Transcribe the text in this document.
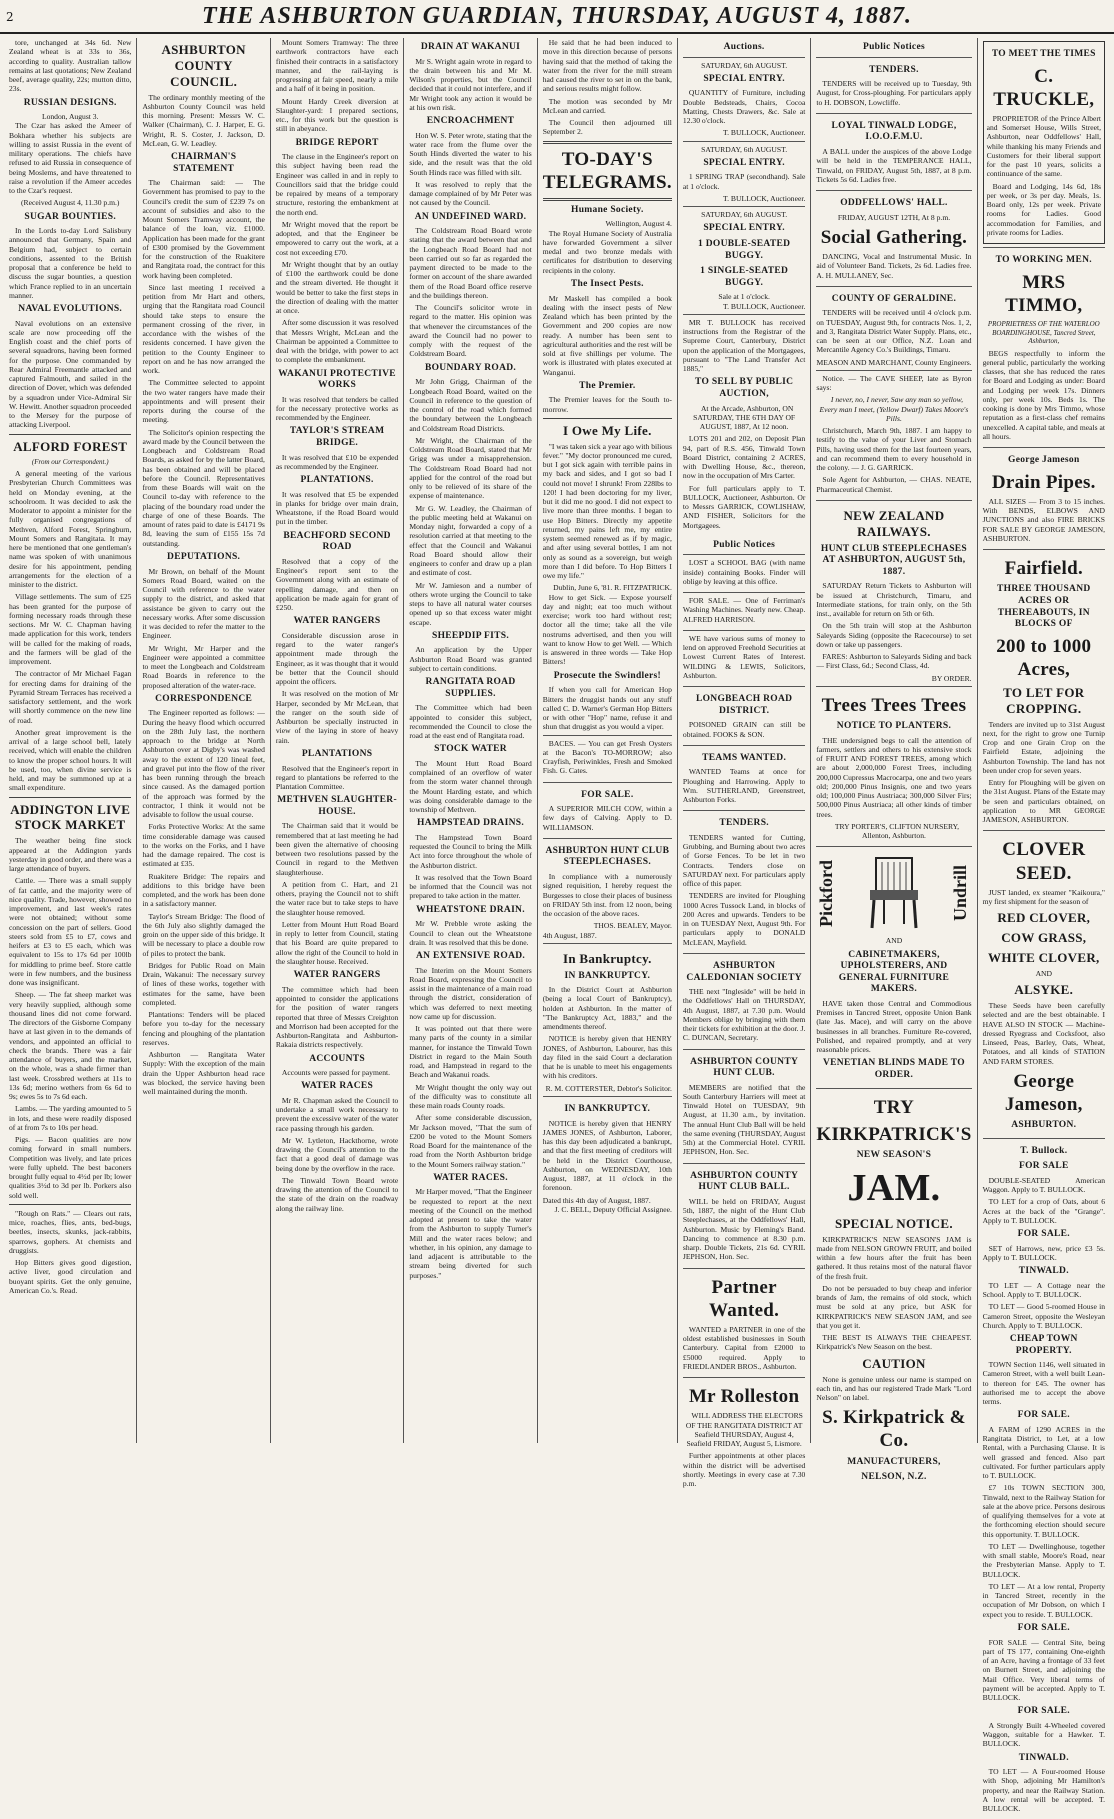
2	THE ASHBURTON GUARDIAN, THURSDAY, AUGUST 4, 1887.

tore, unchanged at 34s 6d. New Zealand wheat is at 33s to 36s, according to quality. Australian tallow remains at last quotations; New Zealand beef, average quality, 22s; mutton ditto, 23s.

RUSSIAN DESIGNS.
London, August 3.

The Czar has asked the Ameer of Bokhara whether his subjects are willing to assist Russia in the event of military operations. The chiefs have refused to aid Russia in consequence of being Moslems, and have threatened to raise a revolution if the Ameer accedes to the Czar's request.

(Received August 4, 11.30 p.m.)
SUGAR BOUNTIES.

In the Lords to-day Lord Salisbury announced that Germany, Spain and Belgium had, subject to certain conditions, assented to the British proposal that a conference be held to discuss the sugar bounties, a question which France replied to in an uncertain manner.

NAVAL EVOLUTIONS.

Naval evolutions on an extensive scale are now proceeding off the English coast and the chief ports of several squadrons, having been formed for the purpose. One commanded by Rear Admiral Freemantle attacked and captured Falmouth, and sailed in the direction of Dover, which was defended by a squadron under Vice-Admiral Sir W. Hewitt. Another squadron proceeded to the Mersey for the purpose of attacking Liverpool.

ALFORD FOREST
(From our Correspondent.)

A general meeting of the various Presbyterian Church Committees was held on Monday evening, at the schoolroom. It was decided to ask the Moderator to appoint a minister for the fully organised congregations of Methven, Alford Forest, Springburn, Mount Somers and Rangitata. It may here be mentioned that one gentleman's name was spoken of with unanimous desire for his appointment, pending arrangements for the election of a minister to the district.

Village settlements. The sum of £25 has been granted for the purpose of forming necessary roads through these sections. Mr W. C. Chapman having made application for this work, tenders will be called for the making of roads, and the farmers will be glad of the improvement.

The contractor of Mr Michael Fagan for erecting dams for draining of the Pyramid Stream Terraces has received a satisfactory settlement, and the work will shortly commence on the new line of road.

Another great improvement is the arrival of a large school bell, lately received, which will enable the children to know the proper school hours. It will be used, too, when divine service is held, and may be summoned up at a small expenditure.

ADDINGTON LIVE STOCK MARKET

The weather being fine stock appeared at the Addington yards yesterday in good order, and there was a large attendance of buyers.

Cattle. — There was a small supply of fat cattle, and the majority were of nice quality. Trade, however, showed no improvement, and last week's rates were not obtained; without some concession on the part of sellers. Good steers sold from £5 to £7, cows and heifers at £3 to £5 each, which was equivalent to 15s to 17s 6d per 100lb for middling to prime beef. Store cattle were in few numbers, and the business done was insignificant.

Sheep. — The fat sheep market was very heavily supplied, although some thousand lines did not come forward. The directors of the Gisborne Company have at last given in to the demands of vendors, and appointed an official to check the brands. There was a fair attendance of buyers, and the market, on the whole, was a shade firmer than last week. Crossbred wethers at 11s to 13s 6d; merino wethers from 6s 6d to 9s; ewes 5s to 7s 6d each.

Lambs. — The yarding amounted to 5 in lots, and these were readily disposed of at from 7s to 10s per head.

Pigs. — Bacon qualities are now coming forward in small numbers. Competition was lively, and late prices were fully upheld. The best baconers brought fully equal to 4½d per lb; lower qualities 3½d to 3d per lb. Porkers also sold well.

"Rough on Rats." — Clears out rats, mice, roaches, flies, ants, bed-bugs, beetles, insects, skunks, jack-rabbits, sparrows, gophers. At chemists and druggists.

Hop Bitters gives good digestion, active liver, good circulation and buoyant spirits. Get the only genuine, American Co.'s. Read.

ASHBURTON COUNTY COUNCIL.

The ordinary monthly meeting of the Ashburton County Council was held this morning. Present: Messrs W. C. Walker (Chairman), C. J. Harper, E. G. Wright, R. S. Coster, J. Jackson, D. McLean, G. W. Leadley.

CHAIRMAN'S STATEMENT

The Chairman said: — The Government has promised to pay to the Council's credit the sum of £239 7s on account of subsidies and also to the Mount Somers Tramway account, the balance of the loan, viz. £1000. Application has been made for the grant of £300 promised by the Government for the construction of the Ruakitere and Rangitata road, the contract for this work having been completed.

Since last meeting I received a petition from Mr Hart and others, urging that the Rangitata road Council should take steps to ensure the permanent crossing of the river, in accordance with the wishes of the residents concerned. I have given the petition to the County Engineer to report on and he has now arranged the work.

The Committee selected to appoint the two water rangers have made their appointments and will present their reports during the course of the meeting.

The Solicitor's opinion respecting the award made by the Council between the Longbeach and Coldstream Road Boards, as asked for by the latter Board, has been obtained and will be placed before the Council. Representatives from these Boards will wait on the Council to-day with reference to the placing of the boundary road under the charge of one of these Boards. The amount of rates paid to date is £4171 9s 8d, leaving the sum of £155 15s 7d outstanding.

DEPUTATIONS.

Mr Brown, on behalf of the Mount Somers Road Board, waited on the Council with reference to the water supply to the district, and asked that assistance be given to carry out the necessary works. After some discussion it was decided to refer the matter to the Engineer.

Mr Wright, Mr Harper and the Engineer were appointed a committee to meet the Longbeach and Coldstream Road Boards in reference to the proposed alteration of the water-race.

CORRESPONDENCE

The Engineer reported as follows: — During the heavy flood which occurred on the 28th July last, the northern approach to the bridge at North Ashburton over at Digby's was washed away to the extent of 120 lineal feet, and gravel put into the flow of the river has been running through the breach since caused. As the damaged portion of the approach was formed by the contractor, I think it would not be advisable to follow the usual course.

Forks Protective Works: At the same time considerable damage was caused to the works on the Forks, and I have had the damage repaired. The cost is estimated at £35.

Ruakitere Bridge: The repairs and additions to this bridge have been completed, and the work has been done in a satisfactory manner.

Taylor's Stream Bridge: The flood of the 6th July also slightly damaged the groin on the upper side of this bridge. It will be necessary to place a double row of piles to protect the bank.

Bridges for Public Road on Main Drain, Wakanui: The necessary survey of lines of these works, together with estimates for the same, have been completed.

Plantations: Tenders will be placed before you to-day for the necessary fencing and ploughing of the plantation reserves.

Ashburton — Rangitata Water Supply: With the exception of the main drain the Upper Ashburton head race was blocked, the service having been well maintained during the month.

Mount Somers Tramway: The three earthwork contractors have each finished their contracts in a satisfactory manner, and the rail-laying is progressing at fair speed, nearly a mile and a half of it being in position.

Mount Hardy Creek diversion at Slaughter-yard: I prepared sections, etc., for this work but the question is still in abeyance.

BRIDGE REPORT

The clause in the Engineer's report on this subject having been read the Engineer was called in and in reply to Councillors said that the bridge could be repaired by means of a temporary structure, restoring the embankment at the north end.

Mr Wright moved that the report be adopted, and that the Engineer be empowered to carry out the work, at a cost not exceeding £70.

Mr Wright thought that by an outlay of £100 the earthwork could be done and the stream diverted. He thought it would be better to take the first steps in the direction of dealing with the matter at once.

After some discussion it was resolved that Messrs Wright, McLean and the Chairman be appointed a Committee to deal with the bridge, with power to act to complete the embankment.

WAKANUI PROTECTIVE WORKS

It was resolved that tenders be called for the necessary protective works as recommended by the Engineer.

TAYLOR'S STREAM BRIDGE.

It was resolved that £10 be expended as recommended by the Engineer.

PLANTATIONS.

It was resolved that £5 be expended in planks for bridge over main drain, Wheatstone, if the Road Board would put in the timber.

BEACHFORD SECOND ROAD

Resolved that a copy of the Engineer's report sent to the Government along with an estimate of repelling damage, and then on application be made again for grant of £250.

WATER RANGERS

Considerable discussion arose in regard to the water ranger's appointment made through the Engineer, as it was thought that it would be better that the Council should appoint the officers.

It was resolved on the motion of Mr Harper, seconded by Mr McLean, that the ranger on the south side of Ashburton be specially instructed in view of the laying in store of heavy rain.

PLANTATIONS

Resolved that the Engineer's report in regard to plantations be referred to the Plantation Committee.

METHVEN SLAUGHTER-HOUSE.

The Chairman said that it would be remembered that at last meeting he had been given the alternative of choosing between two resolutions passed by the Council in regard to the Methven slaughterhouse.

A petition from C. Hart, and 21 others, praying the Council not to shift the water race but to take steps to have the slaughter house removed.

Letter from Mount Hutt Road Board in reply to letter from Council, stating that his Board are quite prepared to allow the right of the Council to hold in the slaughter house. Received.

WATER RANGERS

The committee which had been appointed to consider the applications for the position of water rangers reported that three of Messrs Creighton and Morrison had been accepted for the Ashburton-Rangitata and Ashburton-Rakaia districts respectively.

ACCOUNTS

Accounts were passed for payment.

WATER RACES

Mr R. Chapman asked the Council to undertake a small work necessary to prevent the excessive water of the water race passing through his garden.

Mr W. Lytleton, Hackthorne, wrote drawing the Council's attention to the fact that a good deal of damage was being done by the overflow in the race.

The Tinwald Town Board wrote drawing the attention of the Council to the state of the drain on the roadway along the railway line.

DRAIN AT WAKANUI

Mr S. Wright again wrote in regard to the drain between his and Mr M. Wilson's properties, but the Council decided that it could not interfere, and if Mr Wright took any action it would be at his own risk.

ENCROACHMENT

Hon W. S. Peter wrote, stating that the water race from the flume over the South Hinds diverted the water to his side, and the result was that the old South Hinds race was filled with silt.

It was resolved to reply that the damage complained of by Mr Peter was not caused by the Council.

AN UNDEFINED WARD.

The Coldstream Road Board wrote stating that the award between that and the Longbeach Road Board had not been carried out so far as regarded the payment directed to be made to the former on account of the share awarded them of the Road Board office reserve and the buildings thereon.

The Council's solicitor wrote in regard to the matter. His opinion was that whenever the circumstances of the award the Council had no power to comply with the request of the Coldstream Board.

BOUNDARY ROAD.

Mr John Grigg, Chairman of the Longbeach Road Board, waited on the Council in reference to the question of the control of the road which formed the boundary between the Longbeach and Coldstream Road Districts.

Mr Wright, the Chairman of the Coldstream Road Board, stated that Mr Grigg was under a misapprehension. The Coldstream Road Board had not applied for the control of the road but only to be relieved of its share of the expense of maintenance.

Mr G. W. Leadley, the Chairman of the public meeting held at Wakanui on Monday night, forwarded a copy of a resolution carried at that meeting to the effect that the Council and Wakanui Road Board should allow their engineers to confer and draw up a plan and estimate of cost.

Mr W. Jamieson and a number of others wrote urging the Council to take steps to have all natural water courses opened up so that excess water might escape.

SHEEPDIP FITS.

An application by the Upper Ashburton Road Board was granted subject to certain conditions.

RANGITATA ROAD SUPPLIES.

The Committee which had been appointed to consider this subject, recommended the Council to close the road at the east end of Rangitata road.

STOCK WATER

The Mount Hutt Road Board complained of an overflow of water from the storm water channel through the Mount Harding estate, and which was doing considerable damage to the township of Methven.

HAMPSTEAD DRAINS.

The Hampstead Town Board requested the Council to bring the Milk Act into force throughout the whole of the Ashburton district.

It was resolved that the Town Board be informed that the Council was not prepared to take action in the matter.

WHEATSTONE DRAIN.

Mr W. Prebble wrote asking the Council to clean out the Wheatstone drain. It was resolved that this be done.

AN EXTENSIVE ROAD.

The Interim on the Mount Somers Road Board, expressing the Council to assist in the maintenance of a main road through the district, consideration of which was deferred to next meeting now came up for discussion.

It was pointed out that there were many parts of the county in a similar manner, for instance the Tinwald Town District in regard to the Main South road, and Hampstead in regard to the Beach and Wakanui roads.

Mr Wright thought the only way out of the difficulty was to constitute all these main roads County roads.

After some considerable discussion, Mr Jackson moved, "That the sum of £200 be voted to the Mount Somers Road Board for the maintenance of the road from the North Ashburton bridge to the Mount Somers railway station."

WATER RACES.

Mr Harper moved, "That the Engineer be requested to report at the next meeting of the Council on the method adopted at present to take the water from the Ashburton to supply Turner's Mill and the water races below; and whether, in his opinion, any damage to land adjacent is attributable to the stream being diverted for such purposes."

He said that he had been induced to move in this direction because of persons having said that the method of taking the water from the river for the mill stream had caused the river to set in on the bank, and serious results might follow.

The motion was seconded by Mr McLean and carried.

The Council then adjourned till September 2.

TO-DAY'S TELEGRAMS.
Humane Society.
Wellington, August 4.

The Royal Humane Society of Australia have forwarded Government a silver medal and two bronze medals with certificates for distribution to deserving recipients in the colony.

The Insect Pests.

Mr Maskell has compiled a book dealing with the insect pests of New Zealand which has been printed by the Government and 200 copies are now ready. A number has been sent to agricultural authorities and the rest will be sold at five shillings per volume. The work is illustrated with plates executed at Wanganui.

The Premier.

The Premier leaves for the South to-morrow.

I Owe My Life.

"I was taken sick a year ago with bilious fever." "My doctor pronounced me cured, but I got sick again with terrible pains in my back and sides, and I got so bad I could not move! I shrunk! From 228lbs to 120! I had been doctoring for my liver, but it did me no good. I did not expect to live more than three months. I began to use Hop Bitters. Directly my appetite returned, my pains left me, my entire system seemed renewed as if by magic, and after using several bottles, I am not only as sound as a sovereign, but weigh more than I did before. To Hop Bitters I owe my life."

Dublin, June 6, '81. R. FITZPATRICK.

How to get Sick. — Expose yourself day and night; eat too much without exercise; work too hard without rest; doctor all the time; take all the vile nostrums advertised, and then you will want to know How to get Well. — Which is answered in three words — Take Hop Bitters!

Prosecute the Swindlers!

If when you call for American Hop Bitters the druggist hands out any stuff called C. D. Warner's German Hop Bitters or with other "Hop" name, refuse it and shun that druggist as you would a viper.

BACES. — You can get Fresh Oysters at the Bacon's TO-MORROW; also Crayfish, Periwinkles, Fresh and Smoked Fish. G. Cates.

FOR SALE.

A SUPERIOR MILCH COW, within a few days of Calving. Apply to D. WILLIAMSON.

ASHBURTON HUNT CLUB STEEPLECHASES.

In compliance with a numerously signed requisition, I hereby request the Burgesses to close their places of business on FRIDAY 5th inst. from 12 noon, being the occasion of the above races.

THOS. BEALEY, Mayor.
4th August, 1887.
In Bankruptcy.
IN BANKRUPTCY.

In the District Court at Ashburton (being a local Court of Bankruptcy), holden at Ashburton. In the matter of "The Bankruptcy Act, 1883," and the amendments thereof.

NOTICE is hereby given that HENRY JONES, of Ashburton, Labourer, has this day filed in the said Court a declaration that he is unable to meet his engagements with his creditors.

R. M. COTTERSTER, Debtor's Solicitor.
IN BANKRUPTCY.

NOTICE is hereby given that HENRY JAMES JONES, of Ashburton, Laborer, has this day been adjudicated a bankrupt, and that the first meeting of creditors will be held in the District Courthouse, Ashburton, on WEDNESDAY, 10th August, 1887, at 11 o'clock in the forenoon.

Dated this 4th day of August, 1887.
J. C. BELL, Deputy Official Assignee.
Auctions.
SATURDAY, 6th AUGUST.
SPECIAL ENTRY.

QUANTITY of Furniture, including Double Bedsteads, Chairs, Cocoa Matting, Chests Drawers, &c. Sale at 12.30 o'clock.

T. BULLOCK, Auctioneer.
SATURDAY, 6th AUGUST.
SPECIAL ENTRY.

1 SPRING TRAP (secondhand). Sale at 1 o'clock.

T. BULLOCK, Auctioneer.
SATURDAY, 6th AUGUST.
SPECIAL ENTRY.
1 DOUBLE-SEATED BUGGY.
1 SINGLE-SEATED BUGGY.
Sale at 1 o'clock.
T. BULLOCK, Auctioneer.

MR T. BULLOCK has received instructions from the Registrar of the Supreme Court, Canterbury, District upon the application of the Mortgagees, pursuant to "The Land Transfer Act 1885,"

TO SELL BY PUBLIC AUCTION,

At the Arcade, Ashburton, ON SATURDAY, THE 6TH DAY OF AUGUST, 1887, At 12 noon.

LOTS 201 and 202, on Deposit Plan 94, part of R.S. 456, Tinwald Town Board District, containing 2 ACRES, with Dwelling House, &c., thereon, now in the occupation of Mrs Carter.

For full particulars apply to T. BULLOCK, Auctioneer, Ashburton. Or to Messrs GARRICK, COWLISHAW, AND FISHER, Solicitors for the Mortgagees.

Public Notices

LOST a SCHOOL BAG (with name inside) containing Books. Finder will oblige by leaving at this office.

FOR SALE. — One of Ferriman's Washing Machines. Nearly new. Cheap. ALFRED HARRISON.

WE have various sums of money to lend on approved Freehold Securities at Lowest Current Rates of Interest. WILDING & LEWIS, Solicitors, Ashburton.

LONGBEACH ROAD DISTRICT.

POISONED GRAIN can still be obtained. FOOKS & SON.

TEAMS WANTED.

WANTED Teams at once for Ploughing and Harrowing. Apply to Wm. SUTHERLAND, Greenstreet, Ashburton Forks.

TENDERS.

TENDERS wanted for Cutting, Grubbing, and Burning about two acres of Gorse Fences. To be let in two Contracts. Tenders close on SATURDAY next. For particulars apply office of this paper.

TENDERS are invited for Ploughing 1000 Acres Tussock Land, in blocks of 200 Acres and upwards. Tenders to be in on TUESDAY Next, August 9th. For particulars apply to DONALD McLEAN, Mayfield.

ASHBURTON CALEDONIAN SOCIETY

THE next "Ingleside" will be held in the Oddfellows' Hall on THURSDAY, 4th August, 1887, at 7.30 p.m. Would Members oblige by bringing with them their tickets for exhibition at the door. J. C. DUNCAN, Secretary.

ASHBURTON COUNTY HUNT CLUB.

MEMBERS are notified that the South Canterbury Harriers will meet at Tinwald Hotel on TUESDAY, 9th August, at 11.30 a.m., by invitation. The annual Hunt Club Ball will be held the same evening (THURSDAY, August 5th) at the Commercial Hotel. CYRIL JEPHSON, Hon. Sec.

ASHBURTON COUNTY HUNT CLUB BALL.

WILL be held on FRIDAY, August 5th, 1887, the night of the Hunt Club Steeplechases, at the Oddfellows' Hall, Ashburton. Music by Fleming's Band. Dancing to commence at 8.30 p.m. sharp. Double Tickets, 21s 6d. CYRIL JEPHSON, Hon. Sec.

Partner Wanted.

WANTED a PARTNER in one of the oldest established businesses in South Canterbury. Capital from £2000 to £5000 required. Apply to FRIEDLANDER BROS., Ashburton.

Mr Rolleston

WILL ADDRESS THE ELECTORS OF THE RANGITATA DISTRICT AT Seafield THURSDAY, August 4, Seafield FRIDAY, August 5, Lismore.

Further appointments at other places within the district will be advertised shortly. Meetings in every case at 7.30 p.m.

Public Notices
TENDERS.

TENDERS will be received up to Tuesday, 9th August, for Cross-ploughing. For particulars apply to H. DOBSON, Lowcliffe.

LOYAL TINWALD LODGE, I.O.O.F.M.U.

A BALL under the auspices of the above Lodge will be held in the TEMPERANCE HALL, Tinwald, on FRIDAY, August 5th, 1887, at 8 p.m. Tickets 5s 6d. Ladies free.

ODDFELLOWS' HALL.
FRIDAY, AUGUST 12TH, At 8 p.m.
Social Gathering.

DANCING, Vocal and Instrumental Music. In aid of Volunteer Band. Tickets, 2s 6d. Ladies free. A. H. MULLANEY, Sec.

COUNTY OF GERALDINE.

TENDERS will be received until 4 o'clock p.m. on TUESDAY, August 9th, for contracts Nos. 1, 2, and 3, Rangitata District Water Supply. Plans, etc., can be seen at our Office, N.Z. Loan and Mercantile Agency Co.'s Buildings, Timaru.

MEASON AND MARCHANT, County Engineers.

Notice. — The CAVE SHEEP, late as Byron says:

I never, no, I never, Saw any man so yellow, Every man I meet, (Yellow Dwarf) Takes Moore's Pills.

Christchurch, March 9th, 1887. I am happy to testify to the value of your Liver and Stomach Pills, having used them for the last fourteen years, and can recommend them to every household in the colony. — J. G. GARRICK.

Sole Agent for Ashburton, — CHAS. NEATE, Pharmaceutical Chemist.

NEW ZEALAND RAILWAYS.
HUNT CLUB STEEPLECHASES AT ASHBURTON, AUGUST 5th, 1887.

SATURDAY Return Tickets to Ashburton will be issued at Christchurch, Timaru, and Intermediate stations, for train only, on the 5th inst., available for return on 5th or 6th.

On the 5th train will stop at the Ashburton Saleyards Siding (opposite the Racecourse) to set down or take up passengers.

FARES: Ashburton to Saleyards Siding and back — First Class, 6d.; Second Class, 4d.

BY ORDER.
Trees Trees Trees
NOTICE TO PLANTERS.

THE undersigned begs to call the attention of farmers, settlers and others to his extensive stock of FRUIT AND FOREST TREES, among which are about 2,000,000 Forest Trees, including 200,000 Cupressus Macrocarpa, one and two years old; 200,000 Pinus Insignis, one and two years old; 100,000 Pinus Austriaca; 300,000 Silver Firs; 500,000 Pinus Austriaca; all other kinds of timber trees.

TRY PORTER'S, CLIFTON NURSERY, Allenton, Ashburton.

Pickford	Undrill
AND
CABINETMAKERS, UPHOLSTERERS, AND GENERAL FURNITURE MAKERS.

HAVE taken those Central and Commodious Premises in Tancred Street, opposite Union Bank (late Jas. Mace), and will carry on the above businesses in all branches. Furniture Re-covered, Polished, and repaired promptly, and at very reasonable prices.

VENETIAN BLINDS MADE TO ORDER.
TRY
KIRKPATRICK'S
NEW SEASON'S
JAM.
SPECIAL NOTICE.

KIRKPATRICK'S NEW SEASON'S JAM is made from NELSON GROWN FRUIT, and boiled within a few hours after the fruit has been gathered. It thus retains most of the natural flavor of the fresh fruit.

Do not be persuaded to buy cheap and inferior brands of Jam, the remains of old stock, which must be sold at any price, but ASK for KIRKPATRICK'S NEW SEASON JAM, and see that you get it.

THE BEST IS ALWAYS THE CHEAPEST. Kirkpatrick's New Season on the best.

CAUTION

None is genuine unless our name is stamped on each tin, and has our registered Trade Mark "Lord Nelson" on label.

S. Kirkpatrick & Co.
MANUFACTURERS,
NELSON, N.Z.
TO MEET THE TIMES
C. TRUCKLE,

PROPRIETOR of the Prince Albert and Somerset House, Wills Street, Ashburton, near Oddfellows' Hall, while thanking his many Friends and Customers for their liberal support for the past 10 years, solicits a continuance of the same.

Board and Lodging, 14s 6d, 18s per week, or 3s per day. Meals, 1s. Board only, 12s per week. Private rooms for Ladies. Good accommodation for Families, and private rooms for Ladies.

TO WORKING MEN.
MRS TIMMO,
PROPRIETRESS OF THE WATERLOO BOARDINGHOUSE, Tancred Street, Ashburton,

BEGS respectfully to inform the general public, particularly the working classes, that she has reduced the rates for Board and Lodging as under: Board and Lodging per week 17s. Dinners only, per week 10s. Beds 1s. The cooking is done by Mrs Timmo, whose reputation as a first-class chef remains unexcelled. A capital table, and meals at all hours.

George Jameson
Drain Pipes.

ALL SIZES — From 3 to 15 inches. With BENDS, ELBOWS AND JUNCTIONS and also FIRE BRICKS FOR SALE BY GEORGE JAMESON, ASHBURTON.

Fairfield.
THREE THOUSAND ACRES OR THEREABOUTS, IN BLOCKS OF
200 to 1000 Acres,
TO LET FOR CROPPING.

Tenders are invited up to 31st August next, for the right to grow one Turnip Crop and one Grain Crop on the Fairfield Estate, adjoining the Ashburton Township. The land has not been under crop for seven years.

Entry for Ploughing will be given on the 31st August. Plans of the Estate may be seen and particulars obtained, on application to MR GEORGE JAMESON, ASHBURTON.

CLOVER SEED.

JUST landed, ex steamer "Kaikoura," my first shipment for the season of

RED CLOVER,
COW GRASS,
WHITE CLOVER,
AND
ALSYKE.

These Seeds have been carefully selected and are the best obtainable. I HAVE ALSO IN STOCK — Machine-dressed Ryegrass and Cocksfoot, also Linseed, Peas, Barley, Oats, Wheat, Potatoes, and all kinds of STATION AND FARM STORES.

George Jameson,
ASHBURTON.
T. Bullock.
FOR SALE

DOUBLE-SEATED American Waggon. Apply to T. BULLOCK.

TO LET for a crop of Oats, about 6 Acres at the back of the "Grange". Apply to T. BULLOCK.

FOR SALE.

SET of Harrows, new, price £3 5s. Apply to T. BULLOCK.

TINWALD.

TO LET — A Cottage near the School. Apply to T. BULLOCK.

TO LET — Good 5-roomed House in Cameron Street, opposite the Wesleyan Church. Apply to T. BULLOCK.

CHEAP TOWN PROPERTY.

TOWN Section 1146, well situated in Cameron Street, with a well built Lean-to thereon for £45. The owner has authorised me to accept the above terms.

FOR SALE.

A FARM of 1290 ACRES in the Rangitata District, to Let, at a low Rental, with a Purchasing Clause. It is well grassed and fenced. Also part cultivated. For further particulars apply to T. BULLOCK.

£7 10s TOWN SECTION 300, Tinwald, next to the Railway Station for sale at the above price. Persons desirous of qualifying themselves for a vote at the forthcoming election should secure this opportunity. T. BULLOCK.

TO LET — Dwellinghouse, together with small stable, Moore's Road, near the Presbyterian Manse. Apply to T. BULLOCK.

TO LET — At a low rental, Property in Tancred Street, recently in the occupation of Mr Dobson, on which I expect you to reside. T. BULLOCK.

FOR SALE.

FOR SALE — Central Site, being part of TS 177, containing One-eighth of an Acre, having a frontage of 33 feet on Burnett Street, and adjoining the Mail Office. Very liberal terms of payment will be accepted. Apply to T. BULLOCK.

FOR SALE.

A Strongly Built 4-Wheeled covered Waggon, suitable for a Hawker. T. BULLOCK.

TINWALD.

TO LET — A Four-roomed House with Shop, adjoining Mr Hamilton's property, and near the Railway Station. A low rental will be accepted. T. BULLOCK.
